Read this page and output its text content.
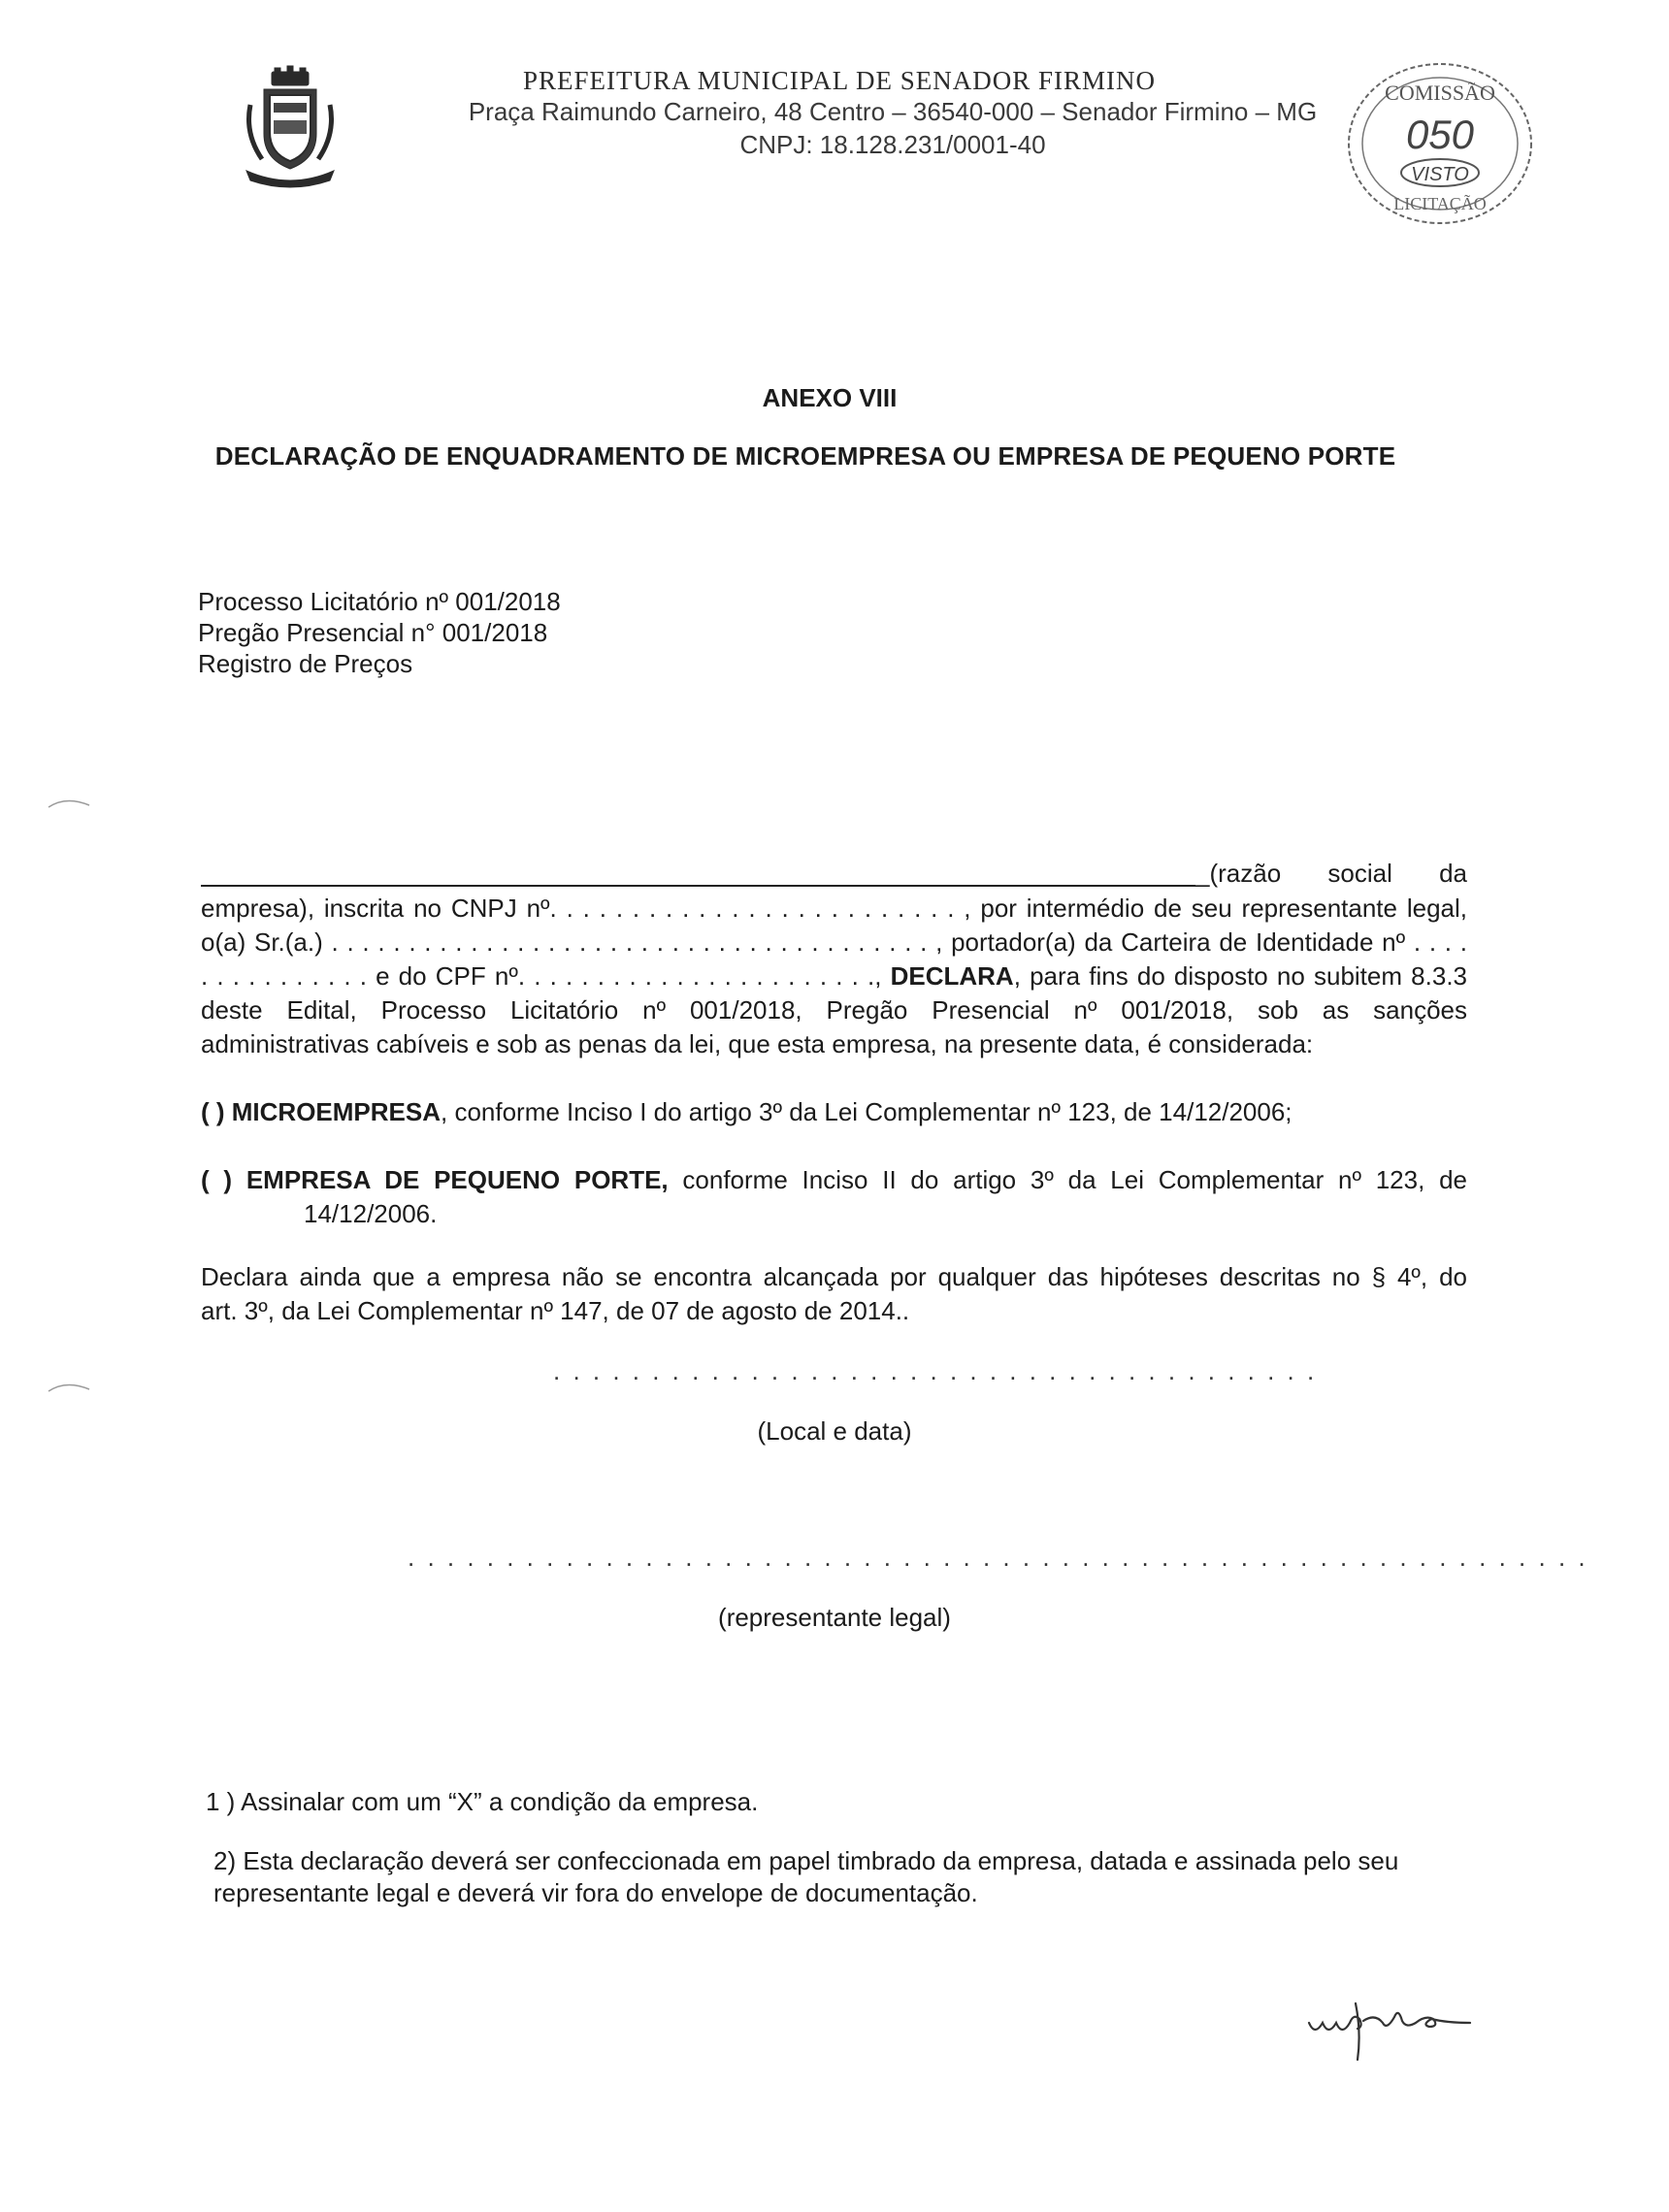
PREFEITURA MUNICIPAL DE SENADOR FIRMINO
Praça Raimundo Carneiro, 48 Centro – 36540-000 – Senador Firmino – MG
CNPJ: 18.128.231/0001-40
COMISSÃO
050
VISTO
LICITAÇÃO
ANEXO VIII
DECLARAÇÃO DE ENQUADRAMENTO DE MICROEMPRESA OU EMPRESA DE PEQUENO PORTE
Processo Licitatório nº 001/2018
Pregão Presencial n° 001/2018
Registro de Preços
_(razão social da
empresa), inscrita no CNPJ nº. . . . . . . . . . . . . . . . . . . . . . . . . , por intermédio de seu representante legal,
o(a) Sr.(a.) . . . . . . . . . . . . . . . . . . . . . . . . . . . . . . . . . . . . . . . , portador(a) da Carteira de Identidade nº . . . .
. . . . . . . . . . . e do CPF nº. . . . . . . . . . . . . . . . . . . . . . ., DECLARA, para fins do disposto no subitem 8.3.3
deste Edital, Processo Licitatório nº 001/2018, Pregão Presencial nº 001/2018, sob as sanções
administrativas cabíveis e sob as penas da lei, que esta empresa, na presente data, é considerada:
( ) MICROEMPRESA, conforme Inciso I do artigo 3º da Lei Complementar nº 123, de 14/12/2006;
( ) EMPRESA DE PEQUENO PORTE, conforme Inciso II do artigo 3º da Lei Complementar nº 123, de
14/12/2006.
Declara ainda que a empresa não se encontra alcançada por qualquer das hipóteses descritas no § 4º, do
art. 3º, da Lei Complementar nº 147, de 07 de agosto de 2014..
. . . . . . . . . . . . . . . . . . . . . . . . . . . . . . . . . . . . . . .
(Local e data)
. . . . . . . . . . . . . . . . . . . . . . . . . . . . . . . . . . . . . . . . . . . . . . . . . . . . . . . . . . . .
(representante legal)
1 ) Assinalar com um “X” a condição da empresa.
2) Esta declaração deverá ser confeccionada em papel timbrado da empresa, datada e assinada pelo seu representante legal e deverá vir fora do envelope de documentação.
